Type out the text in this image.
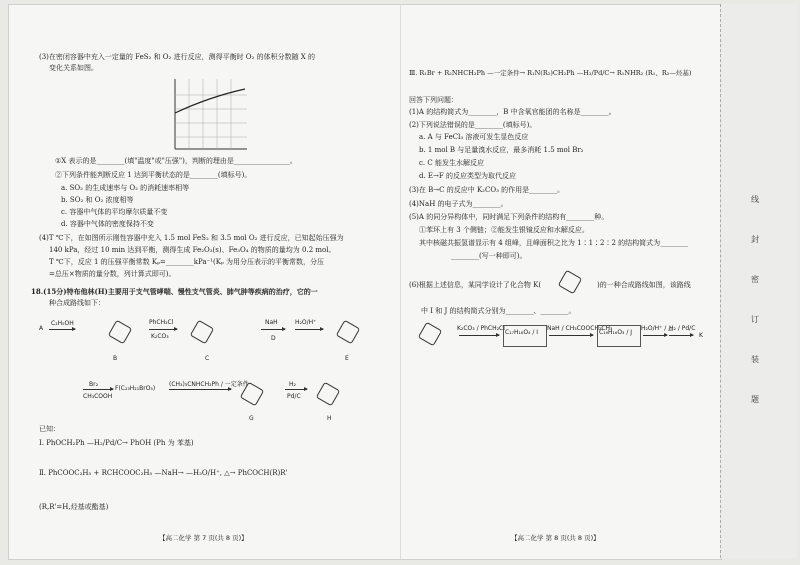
(3)在密闭容器中充入一定量的 FeS₂ 和 O₂ 进行反应，测得平衡时 O₂ 的体积分数随 X 的
变化关系如图。
①X 表示的是________(填"温度"或"压强")，判断的理由是________________。
②下列条件能判断反应 1 达到平衡状态的是________(填标号)。
a. SO₂ 的生成速率与 O₂ 的消耗速率相等
b. SO₂ 和 O₂ 浓度相等
c. 容器中气体的平均摩尔质量不变
d. 容器中气体的密度保持不变
(4)T ℃下，在如图所示刚性容器中充入 1.5 mol FeS₂ 和 3.5 mol O₂ 进行反应，已知起始压强为
140 kPa，经过 10 min 达到平衡，测得生成 Fe₂O₃(s)、Fe₃O₄ 的物质的量均为 0.2 mol。
T ℃下，反应 1 的压强平衡常数 Kₚ=________kPa⁻¹(Kₚ 为用分压表示的平衡常数，分压
=总压×物质的量分数，列计算式即可)。
18.(15分)特布他林(H)主要用于支气管哮喘、慢性支气管炎、肺气肿等疾病的治疗，它的一
种合成路线如下：
A
C₂H₅OH
B
PhCH₂Cl
K₂CO₃
C
NaH
D
H₂O/H⁺
E
Br₂
CH₃COOH
F(C₂₃H₂₁BrO₃)
(CH₃)₃CNHCH₂Ph / 一定条件
G
H₂
Pd/C
H
已知：
Ⅰ. PhOCH₂Ph —H₂/Pd/C→ PhOH (Ph 为 苯基)
Ⅱ. PhCOOC₂H₅ + RCHCOOC₂H₅ —NaH→ —H₂O/H⁺, △→ PhCOCH(R)R'
(R,R'=H,烃基或酯基)
【高二化学 第 7 页(共 8 页)】
Ⅲ. R₁Br + R₂NHCH₂Ph —一定条件→ R₁N(R₂)CH₂Ph —H₂/Pd/C→ R₁NHR₂ (R₁、R₂—烃基)
回答下列问题：
(1)A 的结构简式为________，B 中含氧官能团的名称是________。
(2)下列说法错误的是________(填标号)。
a. A 与 FeCl₃ 溶液可发生显色反应
b. 1 mol B 与足量溴水反应，最多消耗 1.5 mol Br₂
c. C 能发生水解反应
d. E→F 的反应类型为取代反应
(3)在 B→C 的反应中 K₂CO₃ 的作用是________。
(4)NaH 的电子式为________。
(5)A 的同分异构体中，同时满足下列条件的结构有________种。
①苯环上有 3 个侧链；②能发生银镜反应和水解反应。
其中核磁共振氢谱显示有 4 组峰，且峰面积之比为 1∶1∶2∶2 的结构简式为________
________(写一种即可)。
(6)根据上述信息，某同学设计了化合物 K(	)的一种合成路线如图，该路线
中 I 和 J 的结构简式分别为________、________。
K₂CO₃ / PhCH₂Cl
C₁₇H₁₈O₄ / I
NaH / CH₃COOCH₂CH₃
C₁₉H₁₆O₃ / J
H₂O/H⁺ / △
H₂ / Pd/C
K
【高二化学 第 8 页(共 8 页)】
线
封
密
订
装
题
